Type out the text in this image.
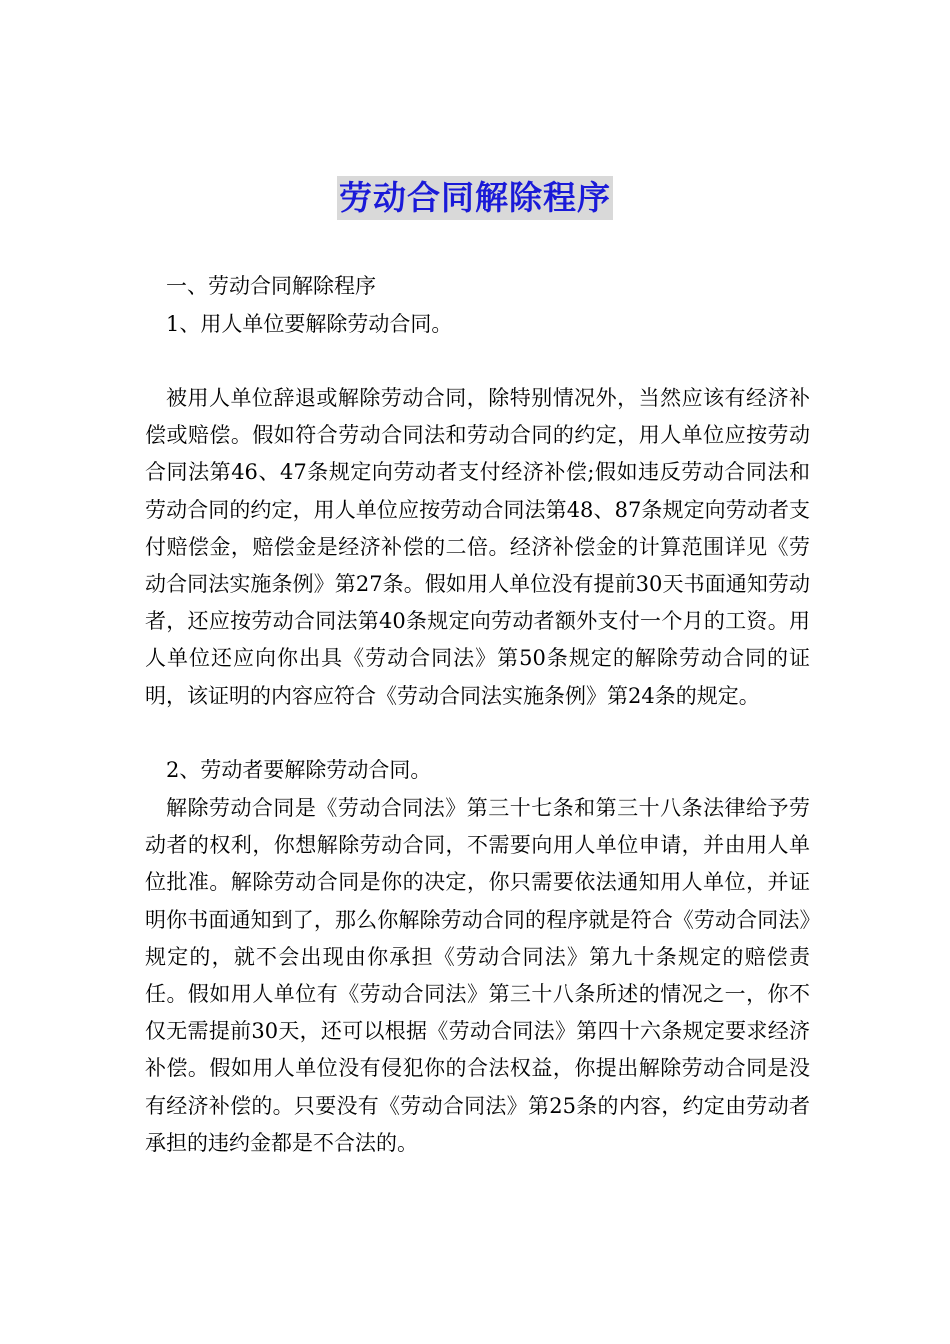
劳动合同解除程序
一、劳动合同解除程序
1、用人单位要解除劳动合同。
被用人单位辞退或解除劳动合同，除特别情况外，当然应该有经济补偿或赔偿。假如符合劳动合同法和劳动合同的约定，用人单位应按劳动合同法第46、47条规定向劳动者支付经济补偿;假如违反劳动合同法和劳动合同的约定，用人单位应按劳动合同法第48、87条规定向劳动者支付赔偿金，赔偿金是经济补偿的二倍。经济补偿金的计算范围详见《劳动合同法实施条例》第27条。假如用人单位没有提前30天书面通知劳动者，还应按劳动合同法第40条规定向劳动者额外支付一个月的工资。用人单位还应向你出具《劳动合同法》第50条规定的解除劳动合同的证明，该证明的内容应符合《劳动合同法实施条例》第24条的规定。
2、劳动者要解除劳动合同。
解除劳动合同是《劳动合同法》第三十七条和第三十八条法律给予劳动者的权利，你想解除劳动合同，不需要向用人单位申请，并由用人单位批准。解除劳动合同是你的决定，你只需要依法通知用人单位，并证明你书面通知到了，那么你解除劳动合同的程序就是符合《劳动合同法》规定的，就不会出现由你承担《劳动合同法》第九十条规定的赔偿责任。假如用人单位有《劳动合同法》第三十八条所述的情况之一，你不仅无需提前30天，还可以根据《劳动合同法》第四十六条规定要求经济补偿。假如用人单位没有侵犯你的合法权益，你提出解除劳动合同是没有经济补偿的。只要没有《劳动合同法》第25条的内容，约定由劳动者承担的违约金都是不合法的。
